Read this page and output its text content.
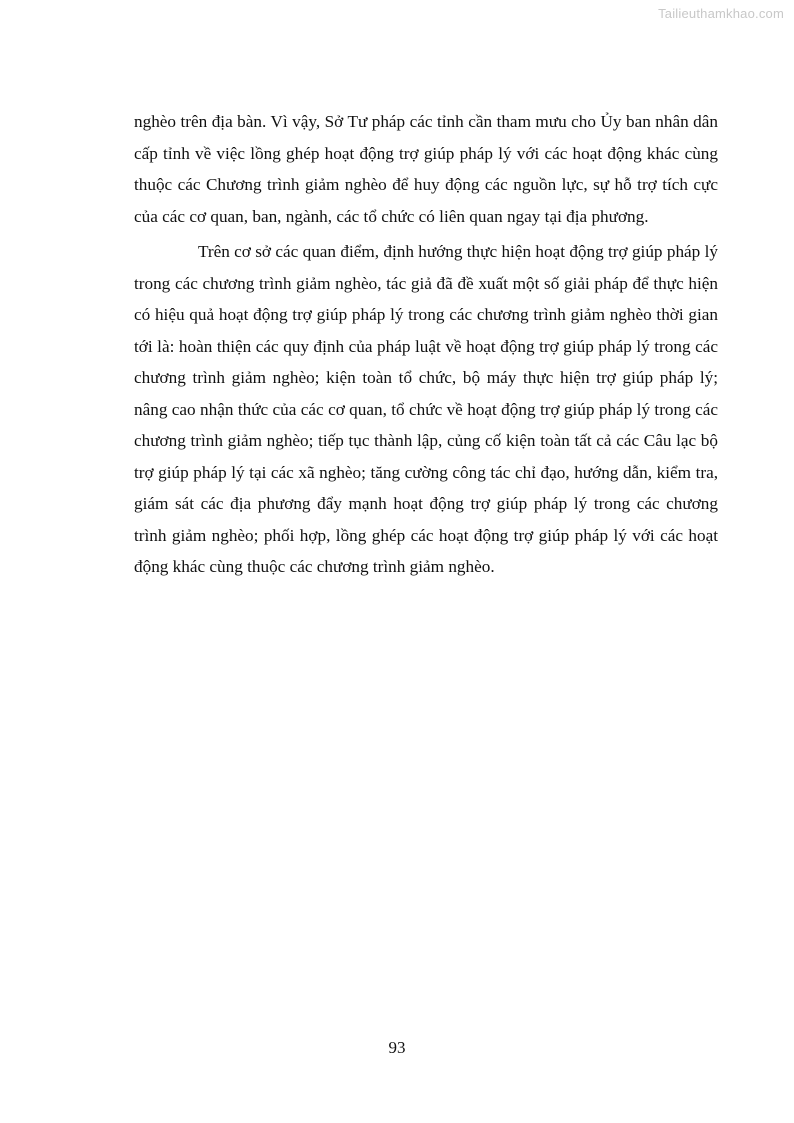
Tailieuthamkhao.com

nghèo trên địa bàn. Vì vậy, Sở Tư pháp các tỉnh cần tham mưu cho Ủy ban nhân dân cấp tỉnh về việc lồng ghép hoạt động trợ giúp pháp lý với các hoạt động khác cùng thuộc các Chương trình giảm nghèo để huy động các nguồn lực, sự hỗ trợ tích cực của các cơ quan, ban, ngành, các tổ chức có liên quan ngay tại địa phương.

Trên cơ sở các quan điểm, định hướng thực hiện hoạt động trợ giúp pháp lý trong các chương trình giảm nghèo, tác giả đã đề xuất một số giải pháp để thực hiện có hiệu quả hoạt động trợ giúp pháp lý trong các chương trình giảm nghèo thời gian tới là: hoàn thiện các quy định của pháp luật về hoạt động trợ giúp pháp lý trong các chương trình giảm nghèo; kiện toàn tổ chức, bộ máy thực hiện trợ giúp pháp lý; nâng cao nhận thức của các cơ quan, tổ chức về hoạt động trợ giúp pháp lý trong các chương trình giảm nghèo; tiếp tục thành lập, củng cố kiện toàn tất cả các Câu lạc bộ trợ giúp pháp lý tại các xã nghèo; tăng cường công tác chỉ đạo, hướng dẫn, kiểm tra, giám sát các địa phương đẩy mạnh hoạt động trợ giúp pháp lý trong các chương trình giảm nghèo; phối hợp, lồng ghép các hoạt động trợ giúp pháp lý với các hoạt động khác cùng thuộc các chương trình giảm nghèo.

93
